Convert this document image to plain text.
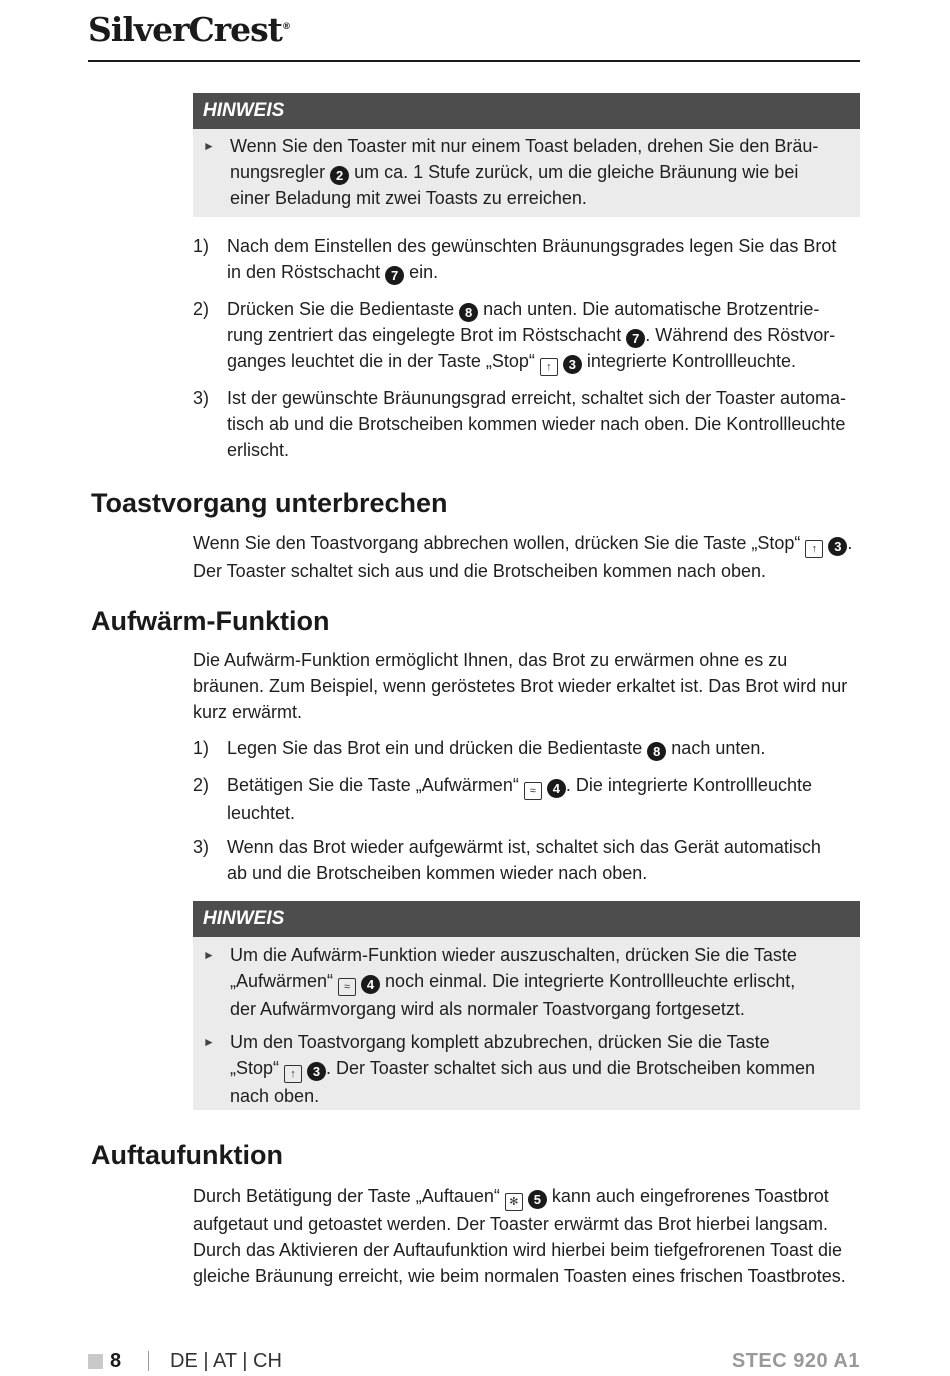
SilverCrest®
HINWEIS
► Wenn Sie den Toaster mit nur einem Toast beladen, drehen Sie den Bräu-
nungsregler 2 um ca. 1 Stufe zurück, um die gleiche Bräunung wie bei
einer Beladung mit zwei Toasts zu erreichen.
1) Nach dem Einstellen des gewünschten Bräunungsgrades legen Sie das Brot
in den Röstschacht 7 ein.
2) Drücken Sie die Bedientaste 8 nach unten. Die automatische Brotzentrie-
rung zentriert das eingelegte Brot im Röstschacht 7 . Während des Röstvor-
ganges leuchtet die in der Taste „Stop“ ↑ 3 integrierte Kontrollleuchte.
3) Ist der gewünschte Bräunungsgrad erreicht, schaltet sich der Toaster automa-
tisch ab und die Brotscheiben kommen wieder nach oben. Die Kontrollleuchte
erlischt.
Toastvorgang unterbrechen
Wenn Sie den Toastvorgang abbrechen wollen, drücken Sie die Taste „Stop“ ↑ 3 .
Der Toaster schaltet sich aus und die Brotscheiben kommen nach oben.
Aufwärm-Funktion
Die Aufwärm-Funktion ermöglicht Ihnen, das Brot zu erwärmen ohne es zu
bräunen. Zum Beispiel, wenn geröstetes Brot wieder erkaltet ist. Das Brot wird nur
kurz erwärmt.
1) Legen Sie das Brot ein und drücken die Bedientaste 8 nach unten.
2) Betätigen Sie die Taste „Aufwärmen“ ≈ 4 . Die integrierte Kontrollleuchte
leuchtet.
3) Wenn das Brot wieder aufgewärmt ist, schaltet sich das Gerät automatisch
ab und die Brotscheiben kommen wieder nach oben.
HINWEIS
► Um die Aufwärm-Funktion wieder auszuschalten, drücken Sie die Taste
„Aufwärmen“ ≈ 4 noch einmal. Die integrierte Kontrollleuchte erlischt,
der Aufwärmvorgang wird als normaler Toastvorgang fortgesetzt.
► Um den Toastvorgang komplett abzubrechen, drücken Sie die Taste
„Stop“ ↑ 3 . Der Toaster schaltet sich aus und die Brotscheiben kommen
nach oben.
Auftaufunktion
Durch Betätigung der Taste „Auftauen“ ✻ 5 kann auch eingefrorenes Toastbrot
aufgetaut und getoastet werden. Der Toaster erwärmt das Brot hierbei langsam.
Durch das Aktivieren der Auftaufunktion wird hierbei beim tiefgefrorenen Toast die
gleiche Bräunung erreicht, wie beim normalen Toasten eines frischen Toastbrotes.
8 DE | AT | CH	STEC 920 A1
